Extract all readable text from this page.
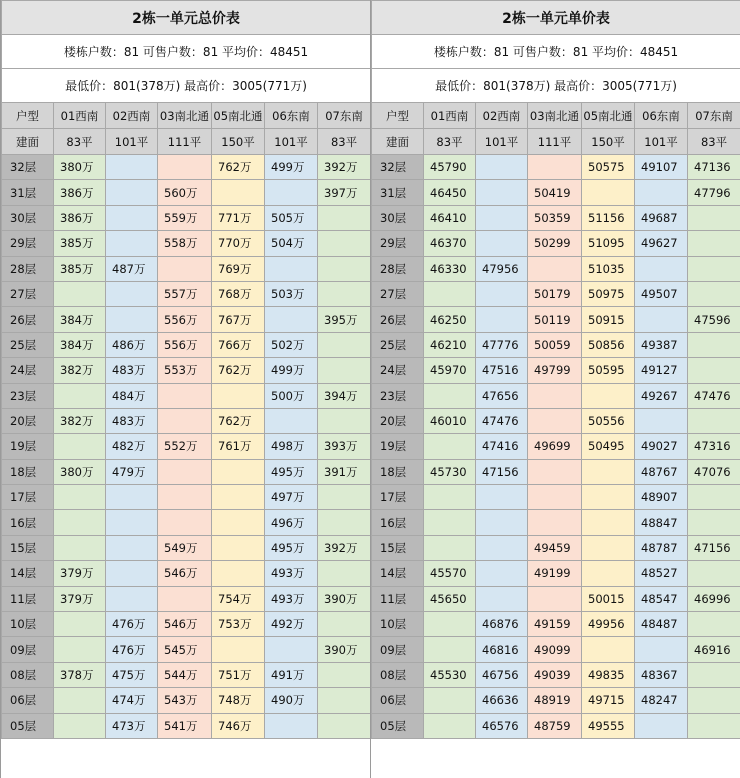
2栋一单元总价表						
楼栋户数：81 可售户数：81 平均价：48451						
最低价：801(378万) 最高价：3005(771万)						
户型	01西南	02西南	03南北通	05南北通	06东南	07东南
建面	83平	101平	111平	150平	101平	83平
32层	380万			762万	499万	392万
31层	386万		560万			397万
30层	386万		559万	771万	505万	
29层	385万		558万	770万	504万	
28层	385万	487万		769万		
27层			557万	768万	503万	
26层	384万		556万	767万		395万
25层	384万	486万	556万	766万	502万	
24层	382万	483万	553万	762万	499万	
23层		484万			500万	394万
20层	382万	483万		762万		
19层		482万	552万	761万	498万	393万
18层	380万	479万			495万	391万
17层					497万	
16层					496万	
15层			549万		495万	392万
14层	379万		546万		493万	
11层	379万			754万	493万	390万
10层		476万	546万	753万	492万	
09层		476万	545万			390万
08层	378万	475万	544万	751万	491万	
06层		474万	543万	748万	490万	
05层		473万	541万	746万		
2栋一单元单价表						
楼栋户数：81 可售户数：81 平均价：48451						
最低价：801(378万) 最高价：3005(771万)						
户型	01西南	02西南	03南北通	05南北通	06东南	07东南
建面	83平	101平	111平	150平	101平	83平
32层	45790			50575	49107	47136
31层	46450		50419			47796
30层	46410		50359	51156	49687	
29层	46370		50299	51095	49627	
28层	46330	47956		51035		
27层			50179	50975	49507	
26层	46250		50119	50915		47596
25层	46210	47776	50059	50856	49387	
24层	45970	47516	49799	50595	49127	
23层		47656			49267	47476
20层	46010	47476		50556		
19层		47416	49699	50495	49027	47316
18层	45730	47156			48767	47076
17层					48907	
16层					48847	
15层			49459		48787	47156
14层	45570		49199		48527	
11层	45650			50015	48547	46996
10层		46876	49159	49956	48487	
09层		46816	49099			46916
08层	45530	46756	49039	49835	48367	
06层		46636	48919	49715	48247	
05层		46576	48759	49555		
